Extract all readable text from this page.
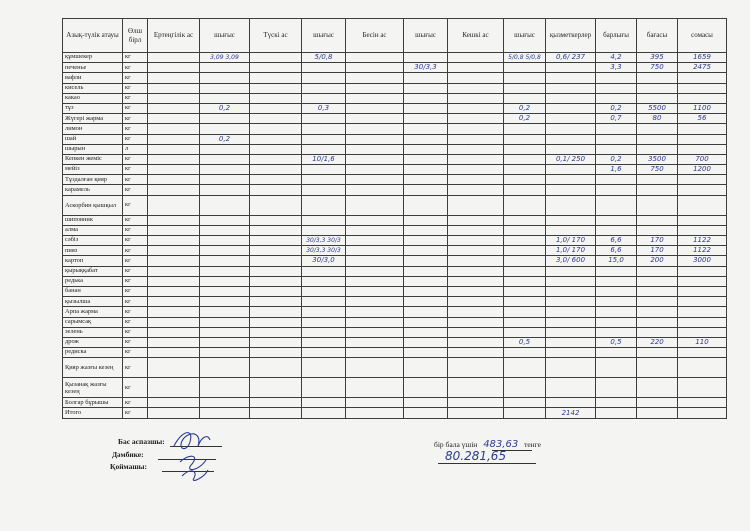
Азық-түлік атауы	Өлш бірл	Ертеңгілік ас	шығыс	Түскі ас	шығыс	Бесін ас	шығыс	Кешкі ас	шығыс	қызметкерлер	барлығы	бағасы	сомасы
құмшекер	кг		3,09 3,09		5/0,8				5/0,8 5/0,8	0,6/ 237	4,2	395	1659
печенье	кг						30/3,3				3,3	750	2475
вафли	кг												
кисель	кг												
какао	кг												
тұз	кг		0,2		0,3				0,2		0,2	5500	1100
Жүгері жарма	кг								0,2		0,7	80	56
лимон	кг												
шай	кг		0,2										
шырын	л												
Кепкен жеміс	кг				10/1,6					0,1/ 250	0,2	3500	700
мейіз	кг										1,6	750	1200
Тұздалған қияр	кг												
карамель	кг												
Аскорбин қышқыл	кг												
шиповник	кг												
алма	кг												
сәбіз	кг				30/3,3 30/3					1,0/ 170	6,6	170	1122
пияз	кг				30/3,3 30/3					1,0/ 170	6,6	170	1122
картоп	кг				30/3,0					3,0/ 600	15,0	200	3000
қырыққабат	кг												
редька	кг												
банан	кг												
қызылша	кг												
Арпа жарма	кг												
сарымсақ	кг												
зелень	кг												
дрож	кг								0,5		0,5	220	110
редиска	кг												
Қияр жазғы кезең	кг												
Қызанақ жазғы кезең	кг												
Болгар бұрышы	кг												
Итого	кг									2142			
Бас аспазшы:
Дәмбике:
Қоймашы:
бір бала үшін 483,63 тенге
80.281,65
